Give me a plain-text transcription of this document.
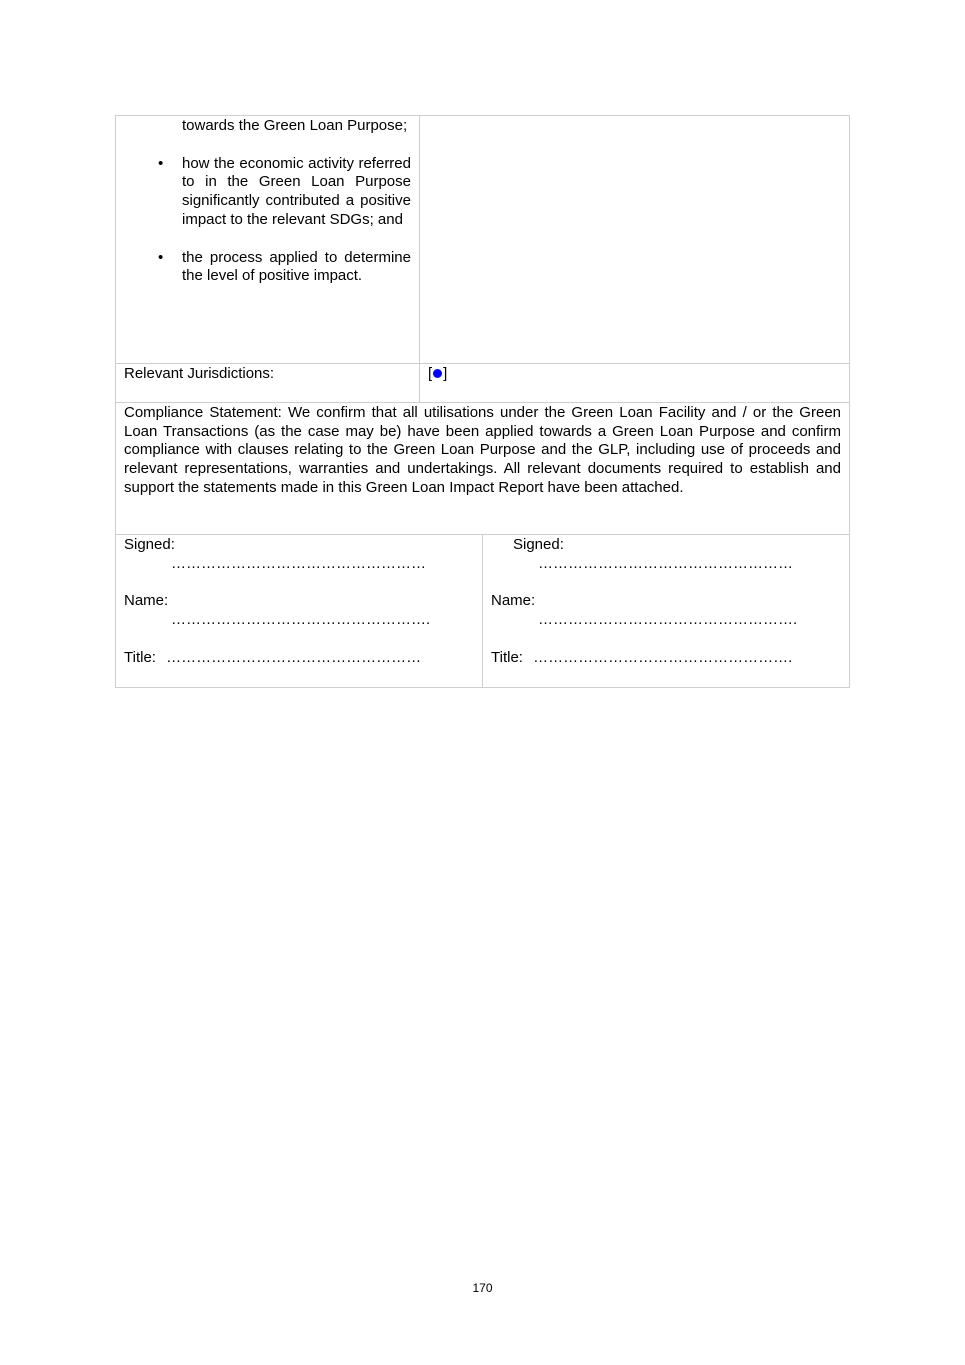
towards the Green Loan Purpose;
• how the economic activity referred to in the Green Loan Purpose significantly contributed a positive impact to the relevant SDGs; and
• the process applied to determine the level of positive impact.
Relevant Jurisdictions:	[ ]
Compliance Statement: We confirm that all utilisations under the Green Loan Facility and / or the Green Loan Transactions (as the case may be) have been applied towards a Green Loan Purpose and confirm compliance with clauses relating to the Green Loan Purpose and the GLP, including use of proceeds and relevant representations, warranties and undertakings. All relevant documents required to establish and support the statements made in this Green Loan Impact Report have been attached.
Signed:
……………………………………………
Name:
…………………………………………….
Title: ……………………………………………
Signed:
……………………………………………
Name:
…………………………………………….
Title: …………………………………………….
170
